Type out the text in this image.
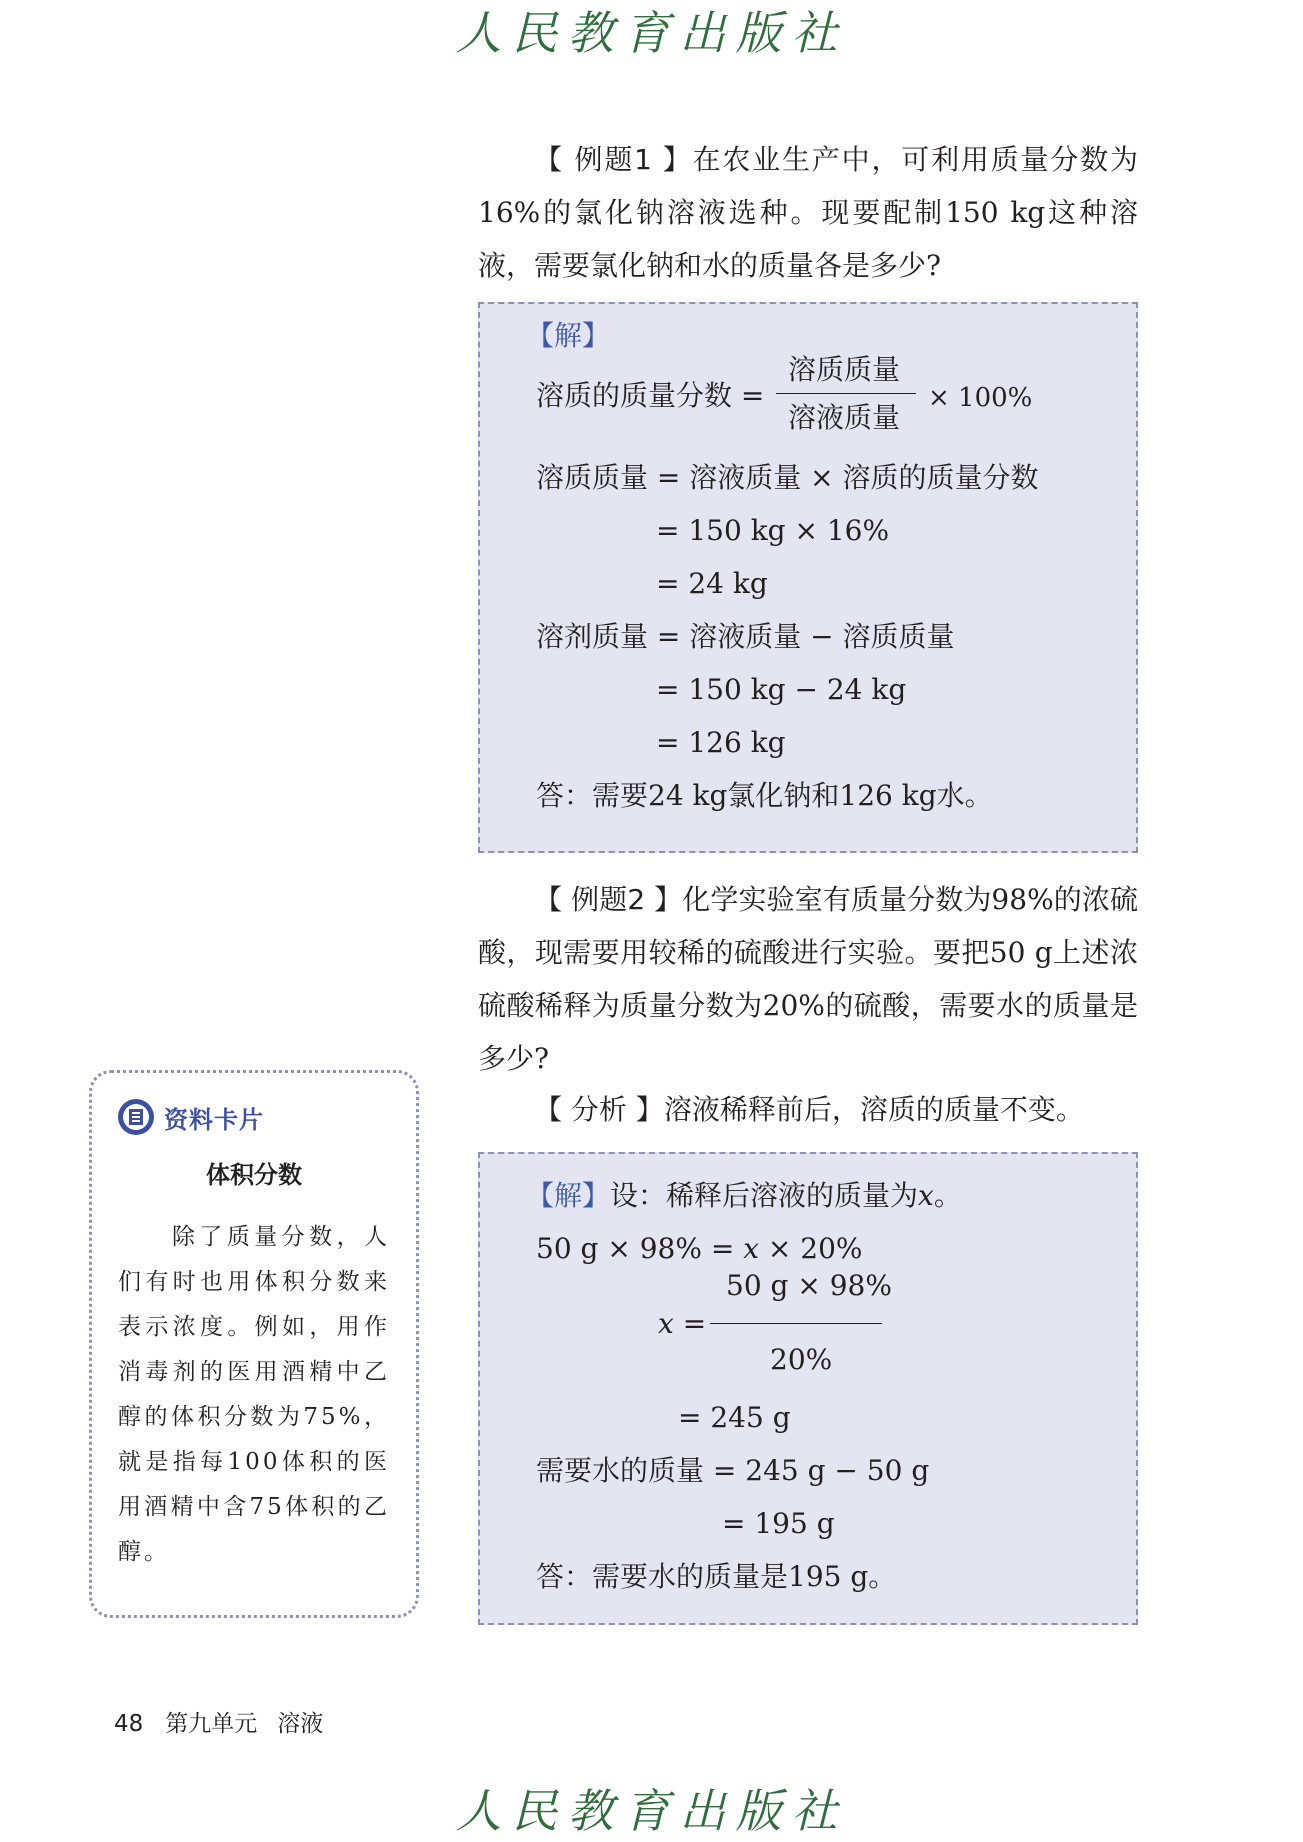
人民教育出版社

【 例题1 】在农业生产中，可利用质量分数为16%的氯化钠溶液选种。现要配制150 kg这种溶液，需要氯化钠和水的质量各是多少?

【解】
溶质的质量分数 =
溶质质量
溶液质量
× 100%
溶质质量 = 溶液质量 × 溶质的质量分数
= 150 kg × 16%
= 24 kg
溶剂质量 = 溶液质量 − 溶质质量
= 150 kg − 24 kg
= 126 kg
答：需要24 kg氯化钠和126 kg水。

【 例题2 】化学实验室有质量分数为98%的浓硫酸，现需要用较稀的硫酸进行实验。要把50 g上述浓硫酸稀释为质量分数为20%的硫酸，需要水的质量是多少?

【 分析 】溶液稀释前后，溶质的质量不变。

【解】设：稀释后溶液的质量为x。
50 g × 98% = x × 20%
50 g × 98%
x =
20%
= 245 g
需要水的质量 = 245 g − 50 g
= 195 g
答：需要水的质量是195 g。
资料卡片
体积分数

除了质量分数，人们有时也用体积分数来表示浓度。例如，用作消毒剂的医用酒精中乙醇的体积分数为75%，就是指每100体积的医用酒精中含75体积的乙醇。

48 第九单元 溶液
人民教育出版社
